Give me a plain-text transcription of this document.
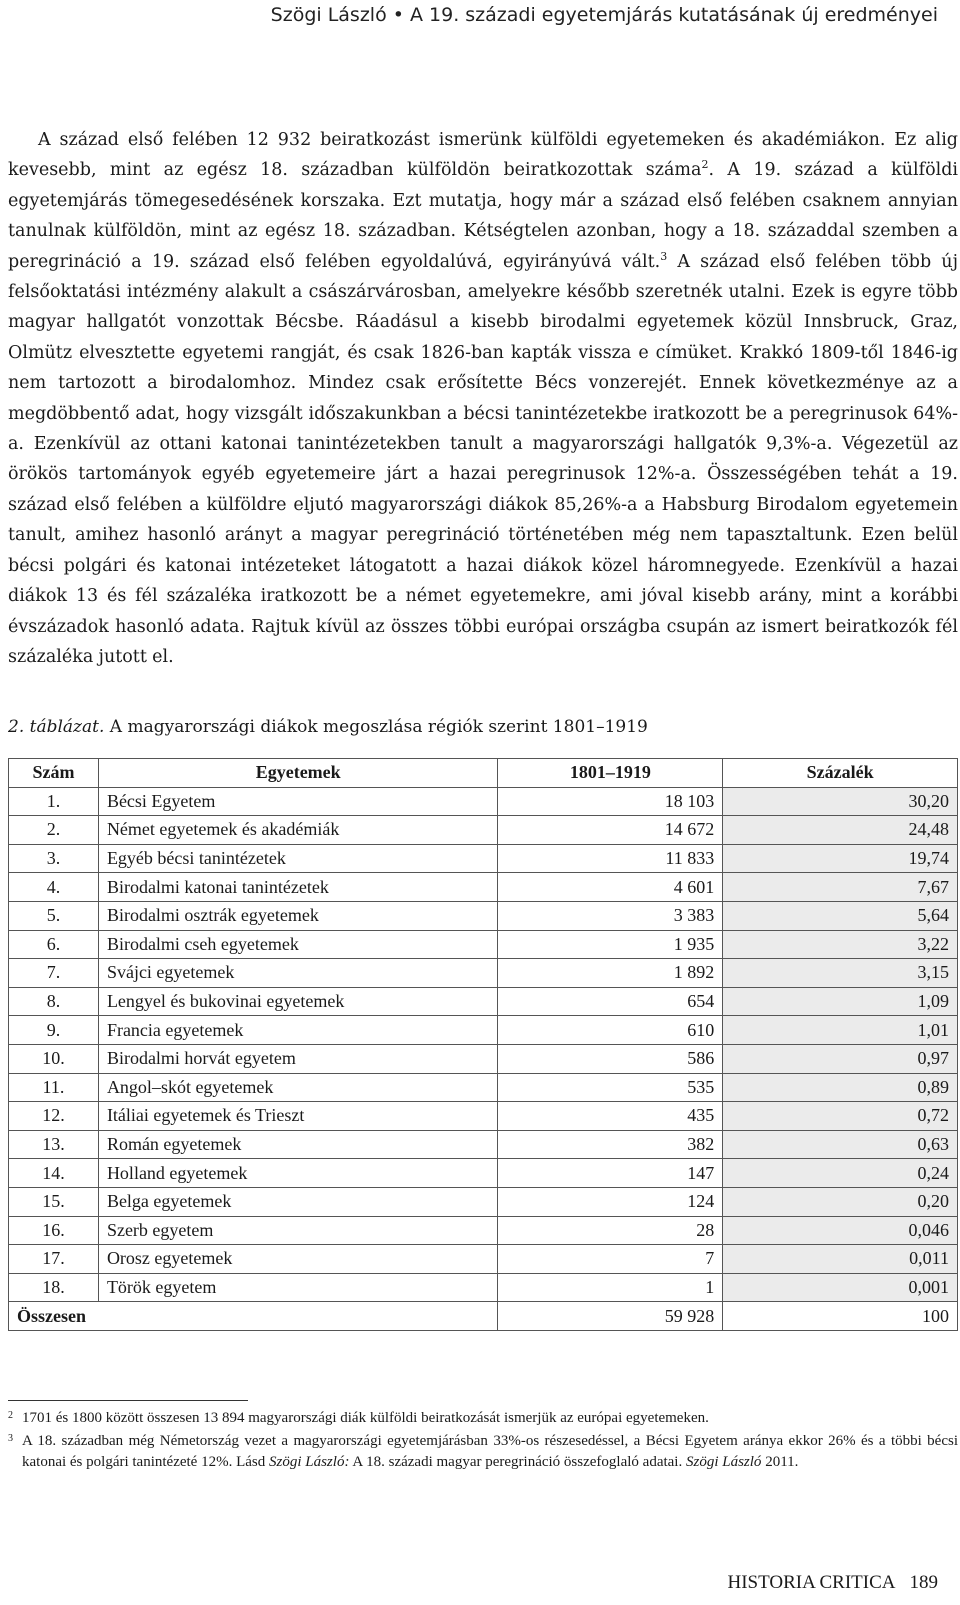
Szögi László • A 19. századi egyetemjárás kutatásának új eredményei

A század első felében 12 932 beiratkozást ismerünk külföldi egyetemeken és akadémiákon. Ez alig kevesebb, mint az egész 18. században külföldön beiratkozottak száma$^2$. A 19. század a külföldi egyetemjárás tömegesedésének korszaka. Ezt mutatja, hogy már a század első felében csaknem annyian tanulnak külföldön, mint az egész 18. században. Kétségtelen azonban, hogy a 18. századdal szemben a peregrináció a 19. század első felében egyoldalúvá, egyirányúvá vált.$^3$ A század első felében több új felsőoktatási intézmény alakult a császárvárosban, amelyekre később szeretnék utalni. Ezek is egyre több magyar hallgatót vonzottak Bécsbe. Ráadásul a kisebb birodalmi egyetemek közül Innsbruck, Graz, Olmütz elvesztette egyetemi rangját, és csak 1826-ban kapták vissza e címüket. Krakkó 1809-től 1846-ig nem tartozott a birodalomhoz. Mindez csak erősítette Bécs vonzerejét. Ennek következménye az a megdöbbentő adat, hogy vizsgált időszakunkban a bécsi tanintézetekbe iratkozott be a peregrinusok 64%-a. Ezenkívül az ottani katonai tanintézetekben tanult a magyarországi hallgatók 9,3%-a. Végezetül az örökös tartományok egyéb egyetemeire járt a hazai peregrinusok 12%-a. Összességében tehát a 19. század első felében a külföldre eljutó magyarországi diákok 85,26%-a a Habsburg Birodalom egyetemein tanult, amihez hasonló arányt a magyar peregrináció történetében még nem tapasztaltunk. Ezen belül bécsi polgári és katonai intézeteket látogatott a hazai diákok közel háromnegyede. Ezenkívül a hazai diákok 13 és fél százaléka iratkozott be a német egyetemekre, ami jóval kisebb arány, mint a korábbi évszázadok hasonló adata. Rajtuk kívül az összes többi európai országba csupán az ismert beiratkozók fél százaléka jutott el.

2. táblázat. A magyarországi diákok megoszlása régiók szerint 1801–1919
Szám	Egyetemek	1801–1919	Százalék
1.	Bécsi Egyetem	18 103	30,20
2.	Német egyetemek és akadémiák	14 672	24,48
3.	Egyéb bécsi tanintézetek	11 833	19,74
4.	Birodalmi katonai tanintézetek	4 601	7,67
5.	Birodalmi osztrák egyetemek	3 383	5,64
6.	Birodalmi cseh egyetemek	1 935	3,22
7.	Svájci egyetemek	1 892	3,15
8.	Lengyel és bukovinai egyetemek	654	1,09
9.	Francia egyetemek	610	1,01
10.	Birodalmi horvát egyetem	586	0,97
11.	Angol–skót egyetemek	535	0,89
12.	Itáliai egyetemek és Trieszt	435	0,72
13.	Román egyetemek	382	0,63
14.	Holland egyetemek	147	0,24
15.	Belga egyetemek	124	0,20
16.	Szerb egyetem	28	0,046
17.	Orosz egyetemek	7	0,011
18.	Török egyetem	1	0,001
Összesen		59 928	100

2 1701 és 1800 között összesen 13 894 magyarországi diák külföldi beiratkozását ismerjük az európai egyetemeken.

3 A 18. században még Németország vezet a magyarországi egyetemjárásban 33%-os részesedéssel, a Bécsi Egyetem aránya ekkor 26% és a többi bécsi katonai és polgári tanintézeté 12%. Lásd Szögi László: A 18. századi magyar peregrináció összefoglaló adatai. Szögi László 2011.

HISTORIA CRITICA 189
